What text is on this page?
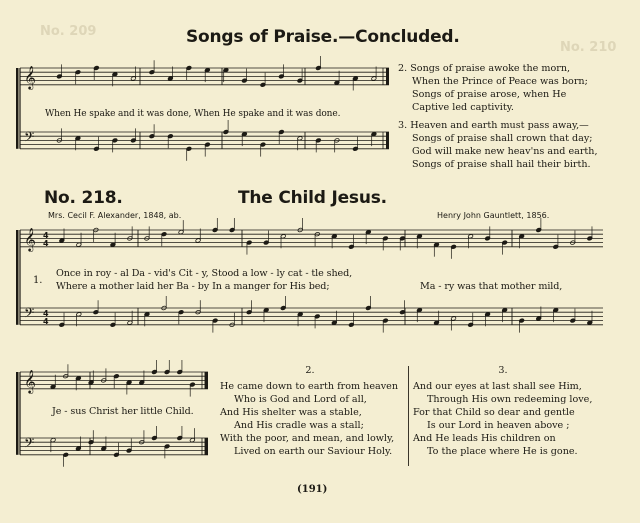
No. 209
No. 210
𝄞
𝄢
𝄞
𝄢
4
4
4
4
𝄞
𝄢
Songs of Praise.—Concluded.
When He spake and it was done, When He spake and it was done.
2. Songs of praise awoke the morn,
When the Prince of Peace was born;
Songs of praise arose, when He
Captive led captivity.
3. Heaven and earth must pass away,—
Songs of praise shall crown that day;
God will make new heav'ns and earth,
Songs of praise shall hail their birth.
No. 218.	The Child Jesus.
Mrs. Cecil F. Alexander, 1848, ab.	Henry John Gauntlett, 1856.
1.
Once in roy - al Da - vid's Cit - y, Stood a low - ly cat - tle shed,
Where a mother laid her Ba - by In a manger for His bed;	Ma - ry was that mother mild,
Je - sus Christ her little Child.
2.
He came down to earth from heaven
Who is God and Lord of all,
And His shelter was a stable,
And His cradle was a stall;
With the poor, and mean, and lowly,
Lived on earth our Saviour Holy.
3.
And our eyes at last shall see Him,
Through His own redeeming love,
For that Child so dear and gentle
Is our Lord in heaven above ;
And He leads His children on
To the place where He is gone.
(191)
